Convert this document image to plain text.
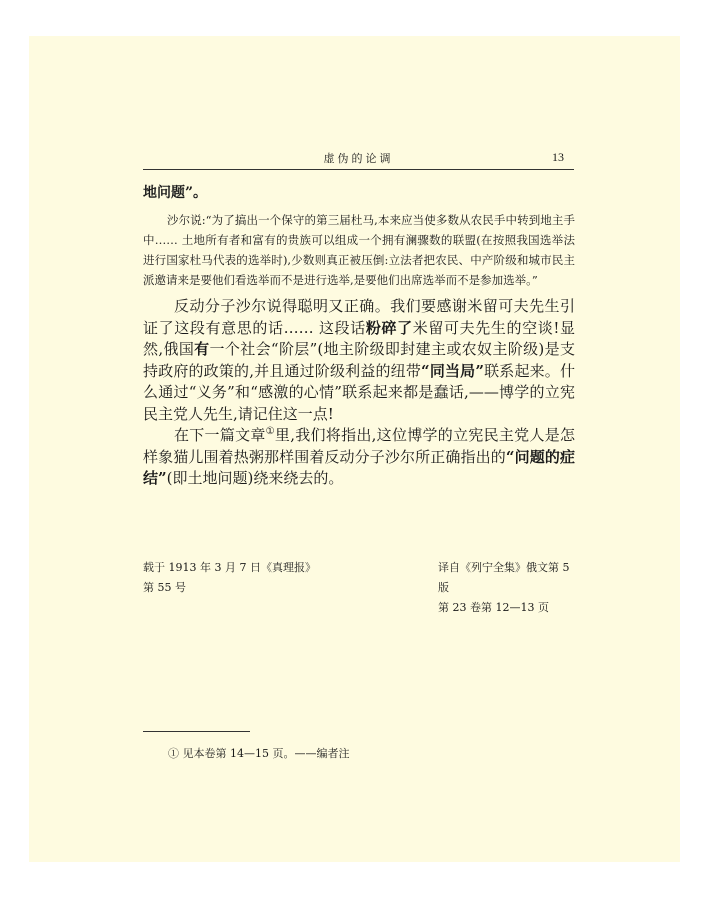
虚伪的论调	13

地问题”。

沙尔说:“为了搞出一个保守的第三届杜马,本来应当使多数从农民手中转到地主手中…… 土地所有者和富有的贵族可以组成一个拥有澜骤数的联盟(在按照我国选举法进行国家杜马代表的选举时),少数则真正被压倒:立法者把农民、中产阶级和城市民主派邀请来是要他们看选举而不是进行选举,是要他们出席选举而不是参加选举。”

反动分子沙尔说得聪明又正确。我们要感谢米留可夫先生引证了这段有意思的话…… 这段话粉碎了米留可夫先生的空谈!显然,俄国有一个社会“阶层”(地主阶级即封建主或农奴主阶级)是支持政府的政策的,并且通过阶级利益的纽带“同当局”联系起来。什么通过“义务”和“感激的心情”联系起来都是蠢话,——博学的立宪民主党人先生,请记住这一点!

在下一篇文章①里,我们将指出,这位博学的立宪民主党人是怎样象猫儿围着热粥那样围着反动分子沙尔所正确指出的“问题的症结”(即土地问题)绕来绕去的。

载于 1913 年 3 月 7 日《真理报》
第 55 号
译自《列宁全集》俄文第 5 版
第 23 卷第 12—13 页
① 见本卷第 14—15 页。——编者注
